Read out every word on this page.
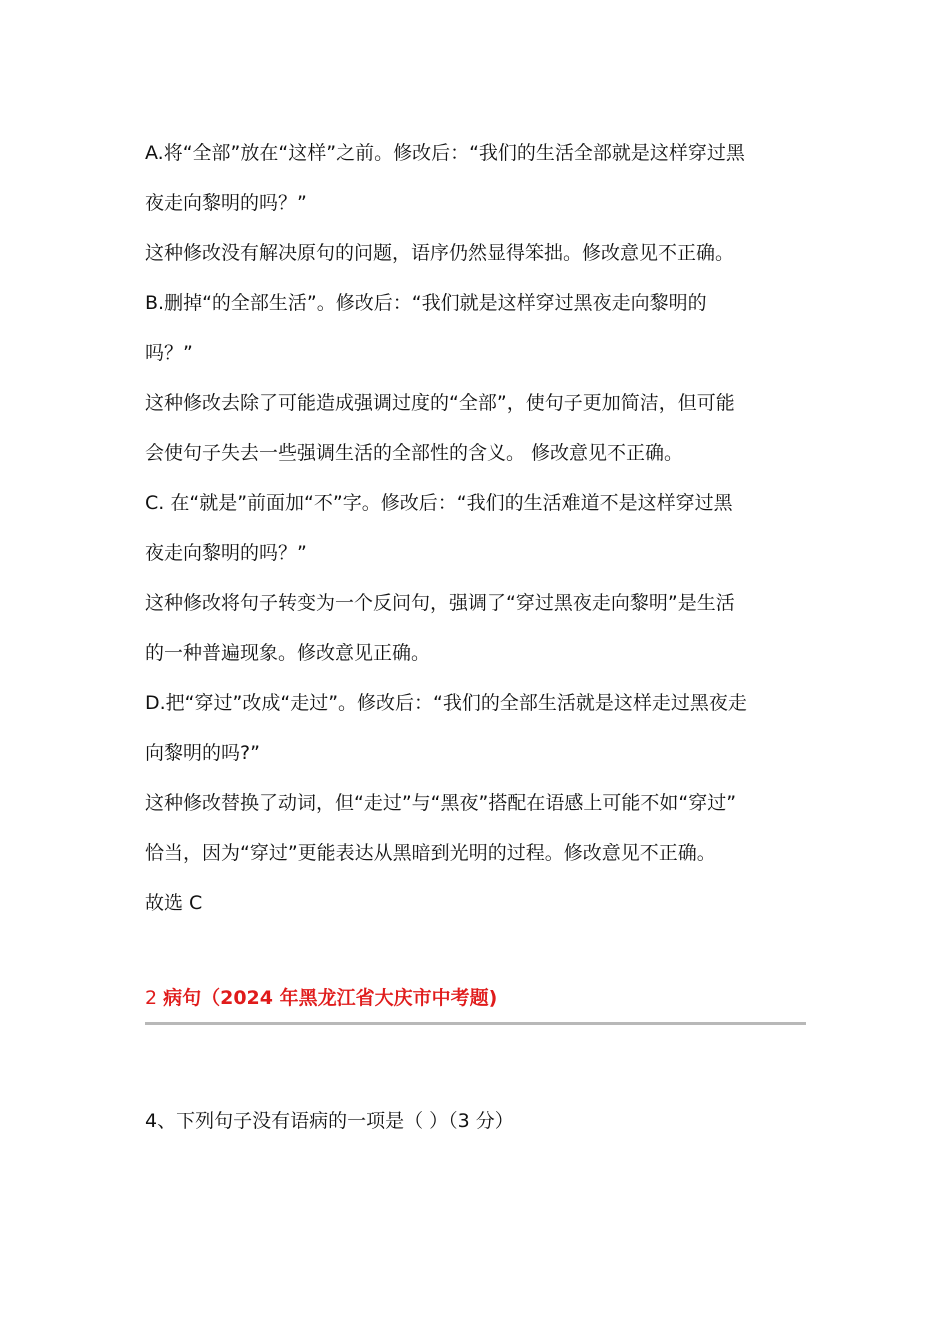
A.将“全部”放在“这样”之前。修改后：“我们的生活全部就是这样穿过黑
夜走向黎明的吗？”
这种修改没有解决原句的问题，语序仍然显得笨拙。修改意见不正确。
B.删掉“的全部生活”。修改后：“我们就是这样穿过黑夜走向黎明的
吗？”
这种修改去除了可能造成强调过度的“全部”，使句子更加简洁，但可能
会使句子失去一些强调生活的全部性的含义。 修改意见不正确。
C. 在“就是”前面加“不”字。修改后：“我们的生活难道不是这样穿过黑
夜走向黎明的吗？”
这种修改将句子转变为一个反问句，强调了“穿过黑夜走向黎明”是生活
的一种普遍现象。修改意见正确。
D.把“穿过”改成“走过”。修改后：“我们的全部生活就是这样走过黑夜走
向黎明的吗?”
这种修改替换了动词，但“走过”与“黑夜”搭配在语感上可能不如“穿过”
恰当，因为“穿过”更能表达从黑暗到光明的过程。修改意见不正确。
故选 C
2 病句（2024 年黑龙江省大庆市中考题)
4、下列句子没有语病的一项是（ ）（3 分）
